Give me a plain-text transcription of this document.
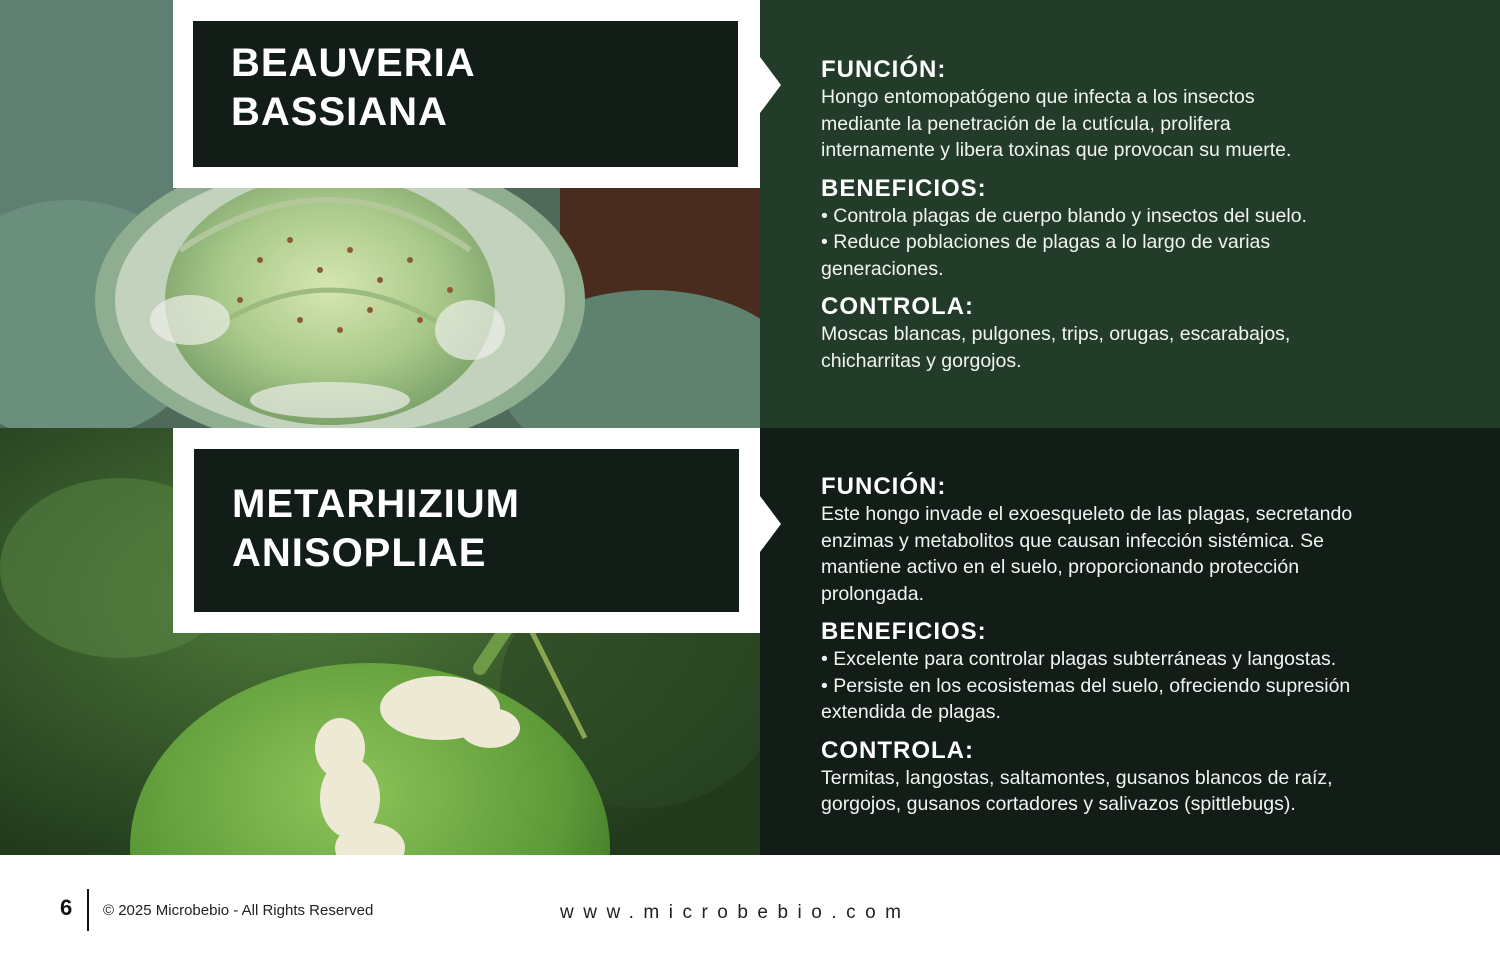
FUNCIÓN:

Hongo entomopatógeno que infecta a los insectos
mediante la penetración de la cutícula, prolifera
internamente y libera toxinas que provocan su muerte.

BENEFICIOS:

• Controla plagas de cuerpo blando y insectos del suelo.
• Reduce poblaciones de plagas a lo largo de varias
generaciones.

CONTROLA:

Moscas blancas, pulgones, trips, orugas, escarabajos,
chicharritas y gorgojos.

BEAUVERIA
BASSIANA
FUNCIÓN:

Este hongo invade el exoesqueleto de las plagas, secretando
enzimas y metabolitos que causan infección sistémica. Se
mantiene activo en el suelo, proporcionando protección
prolongada.

BENEFICIOS:

• Excelente para controlar plagas subterráneas y langostas.
• Persiste en los ecosistemas del suelo, ofreciendo supresión
extendida de plagas.

CONTROLA:

Termitas, langostas, saltamontes, gusanos blancos de raíz,
gorgojos, gusanos cortadores y salivazos (spittlebugs).

METARHIZIUM
ANISOPLIAE
6 © 2025 Microbebio - All Rights Reserved	www.microbebio.com
